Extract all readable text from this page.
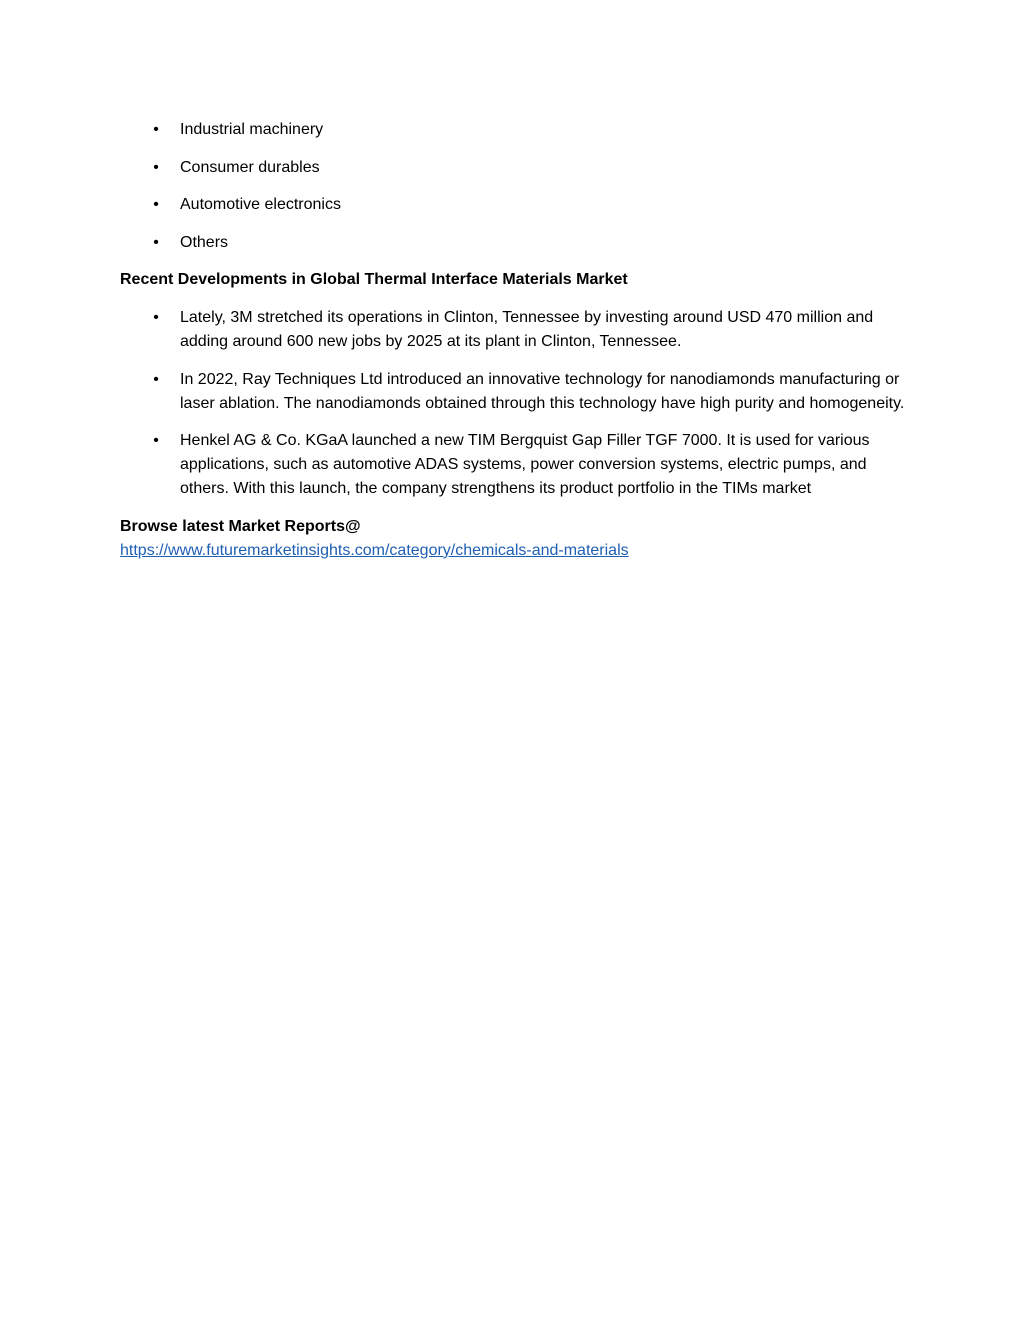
• Industrial machinery
• Consumer durables
• Automotive electronics
• Others

Recent Developments in Global Thermal Interface Materials Market

• Lately, 3M stretched its operations in Clinton, Tennessee by investing around USD 470 million and adding around 600 new jobs by 2025 at its plant in Clinton, Tennessee.
• In 2022, Ray Techniques Ltd introduced an innovative technology for nanodiamonds manufacturing or laser ablation. The nanodiamonds obtained through this technology have high purity and homogeneity.
• Henkel AG & Co. KGaA launched a new TIM Bergquist Gap Filler TGF 7000. It is used for various applications, such as automotive ADAS systems, power conversion systems, electric pumps, and others. With this launch, the company strengthens its product portfolio in the TIMs market

Browse latest Market Reports@

https://www.futuremarketinsights.com/category/chemicals-and-materials
